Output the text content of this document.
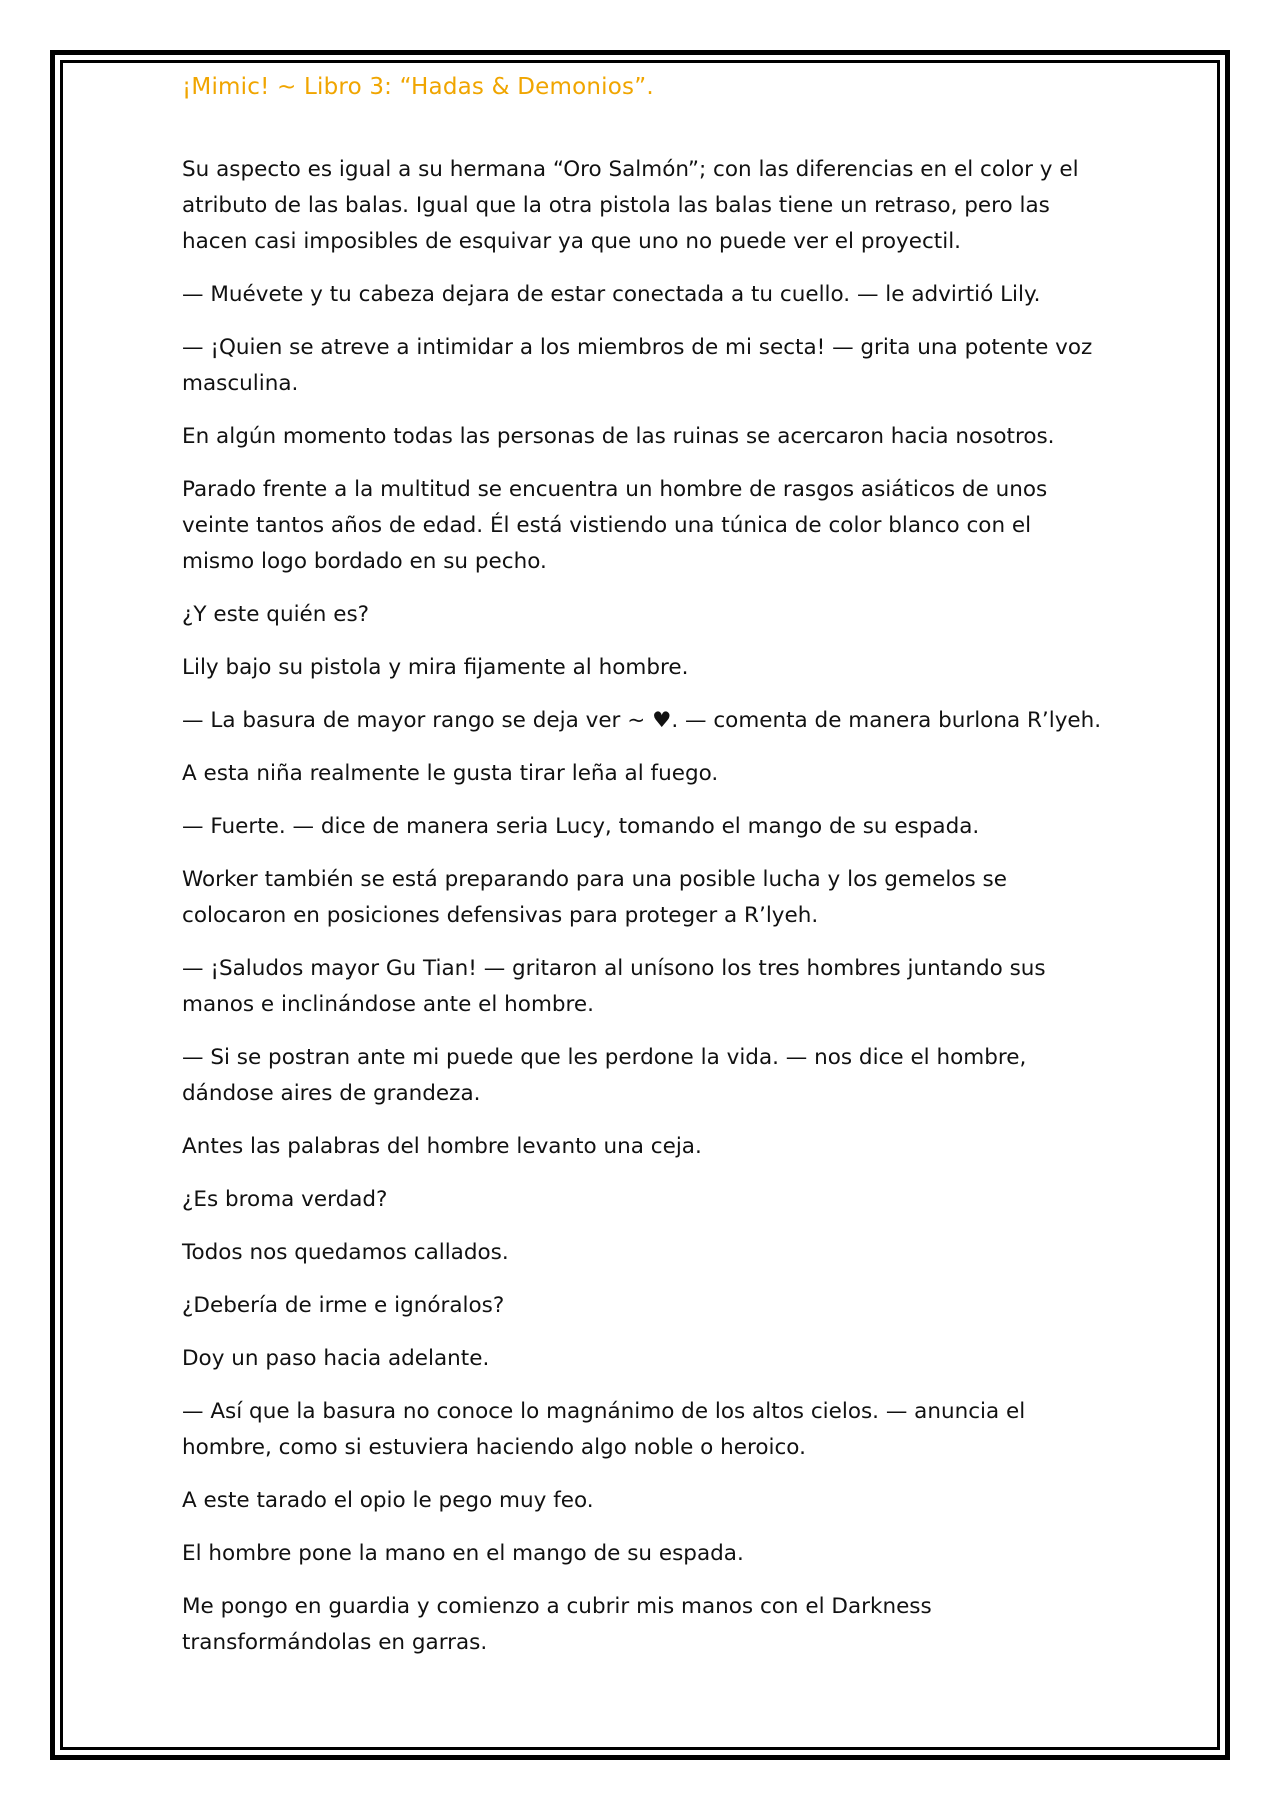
¡Mimic! ~ Libro 3: “Hadas & Demonios”.

Su aspecto es igual a su hermana “Oro Salmón”; con las diferencias en el color y el atributo de las balas. Igual que la otra pistola las balas tiene un retraso, pero las hacen casi imposibles de esquivar ya que uno no puede ver el proyectil.

— Muévete y tu cabeza dejara de estar conectada a tu cuello. — le advirtió Lily.

— ¡Quien se atreve a intimidar a los miembros de mi secta! — grita una potente voz masculina.

En algún momento todas las personas de las ruinas se acercaron hacia nosotros.

Parado frente a la multitud se encuentra un hombre de rasgos asiáticos de unos veinte tantos años de edad. Él está vistiendo una túnica de color blanco con el mismo logo bordado en su pecho.

¿Y este quién es?

Lily bajo su pistola y mira fijamente al hombre.

— La basura de mayor rango se deja ver ~ ♥. — comenta de manera burlona R’lyeh.

A esta niña realmente le gusta tirar leña al fuego.

— Fuerte. — dice de manera seria Lucy, tomando el mango de su espada.

Worker también se está preparando para una posible lucha y los gemelos se colocaron en posiciones defensivas para proteger a R’lyeh.

— ¡Saludos mayor Gu Tian! — gritaron al unísono los tres hombres juntando sus manos e inclinándose ante el hombre.

— Si se postran ante mi puede que les perdone la vida. — nos dice el hombre, dándose aires de grandeza.

Antes las palabras del hombre levanto una ceja.

¿Es broma verdad?

Todos nos quedamos callados.

¿Debería de irme e ignóralos?

Doy un paso hacia adelante.

— Así que la basura no conoce lo magnánimo de los altos cielos. — anuncia el hombre, como si estuviera haciendo algo noble o heroico.

A este tarado el opio le pego muy feo.

El hombre pone la mano en el mango de su espada.

Me pongo en guardia y comienzo a cubrir mis manos con el Darkness transformándolas en garras.
